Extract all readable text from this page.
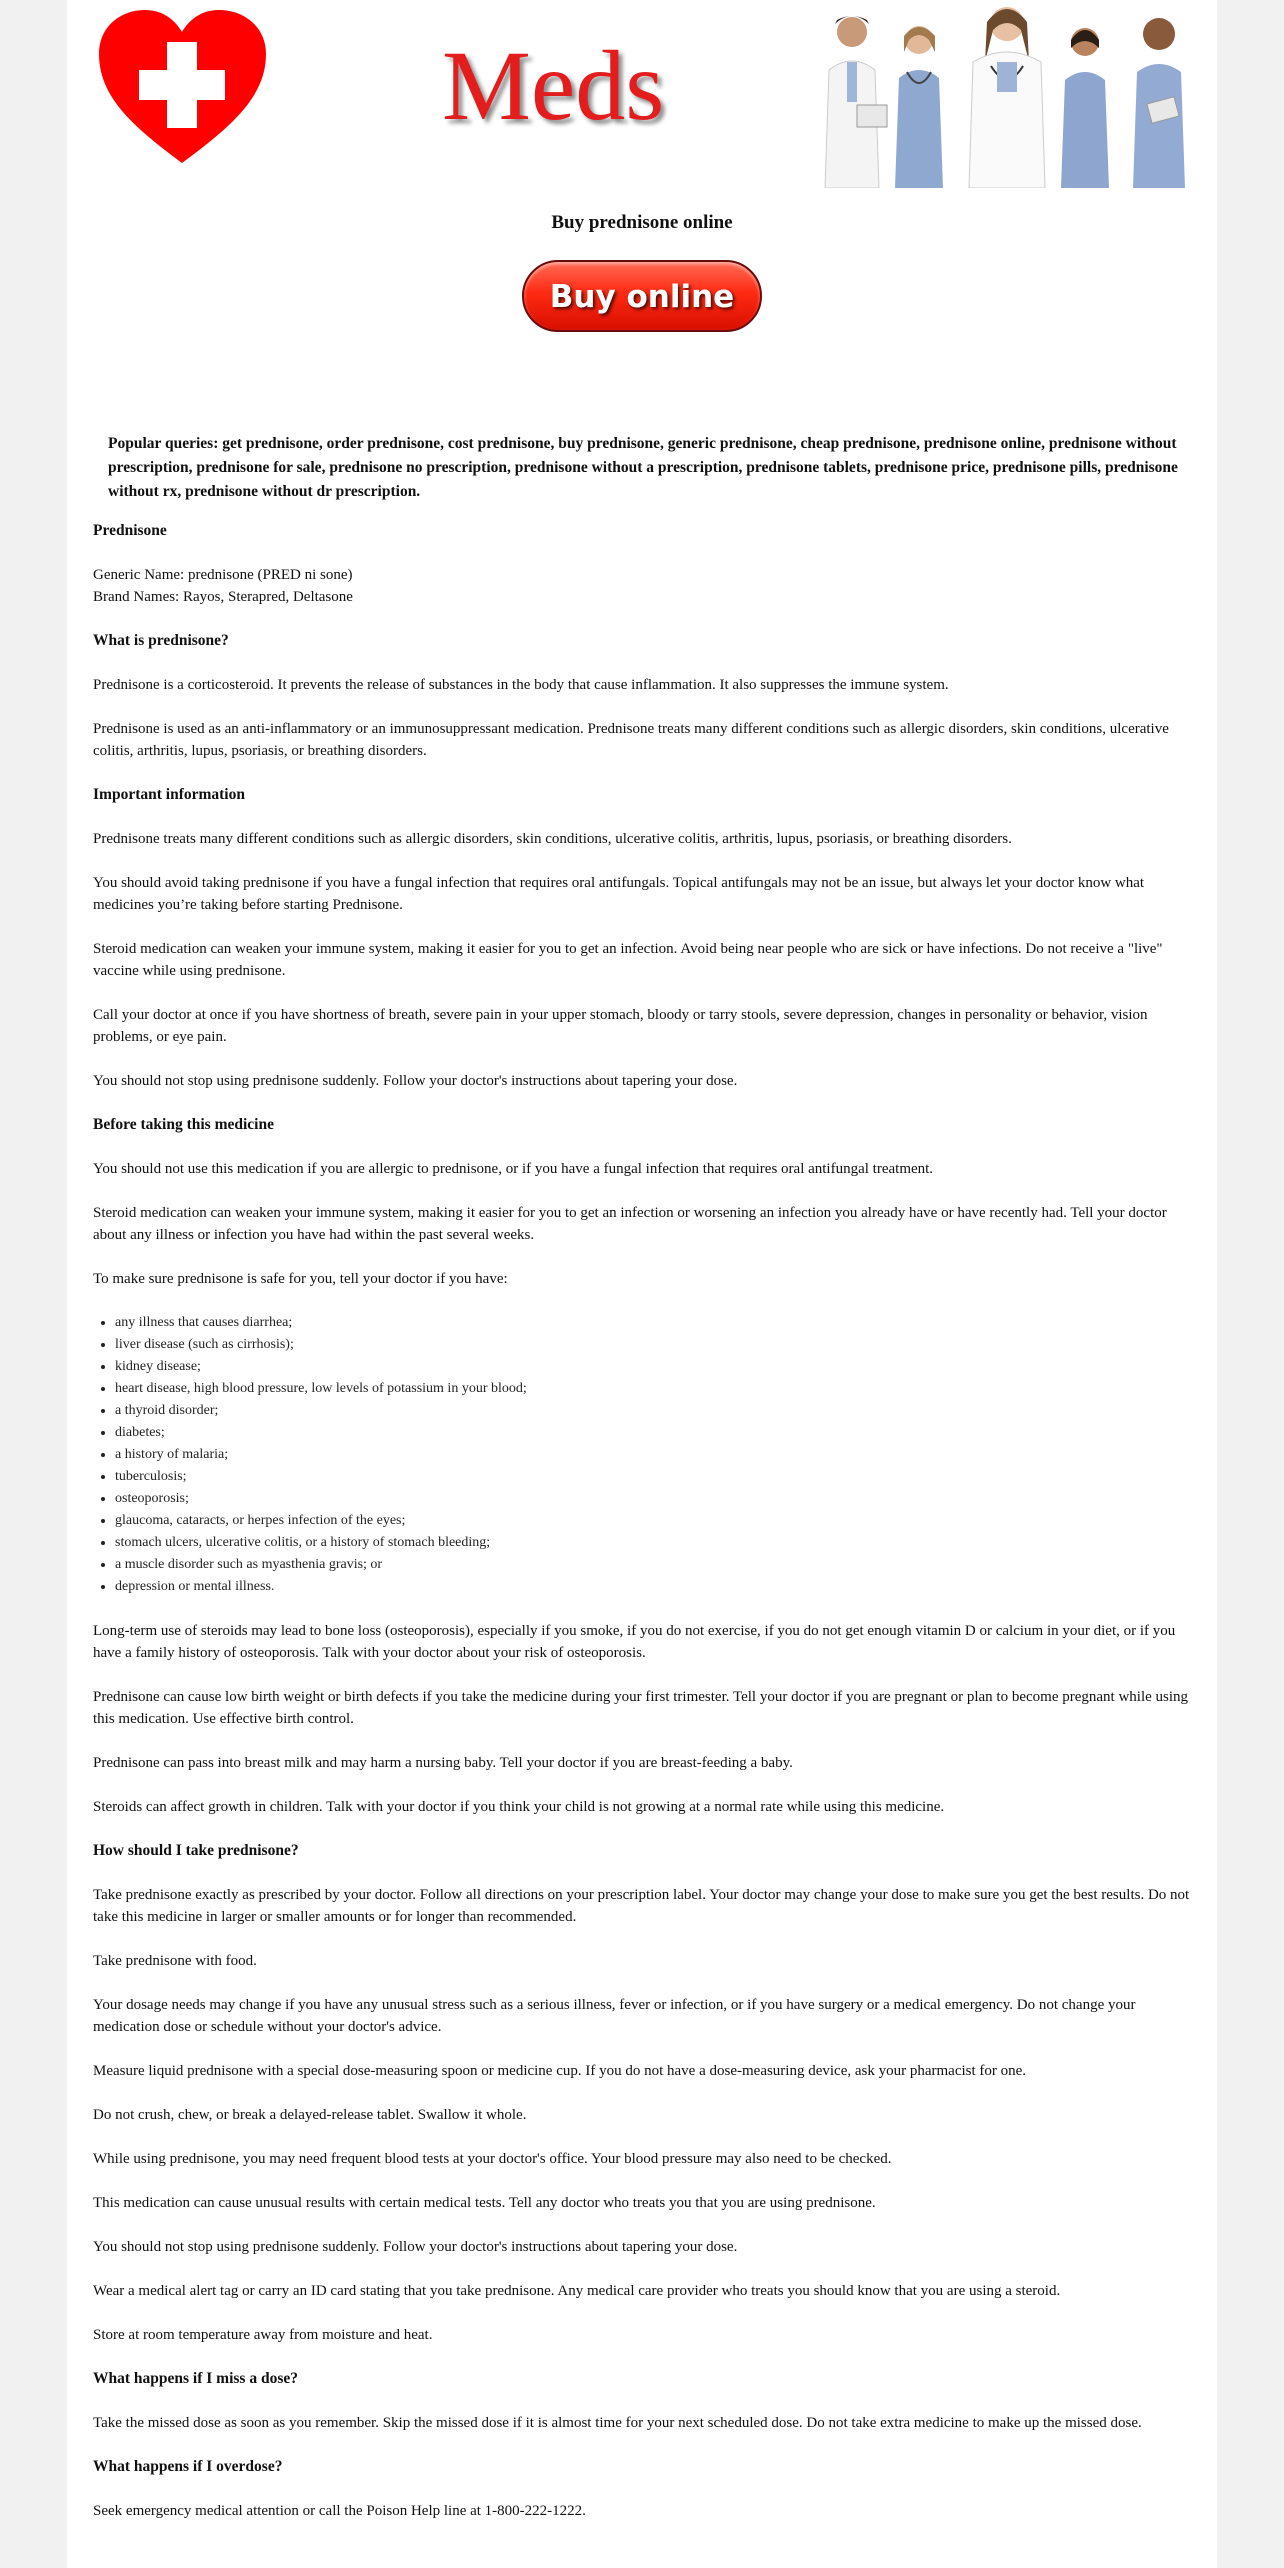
Meds
Buy prednisone online
Buy online
Popular queries: get prednisone, order prednisone, cost prednisone, buy prednisone, generic prednisone, cheap prednisone, prednisone online, prednisone without prescription, prednisone for sale, prednisone no prescription, prednisone without a prescription, prednisone tablets, prednisone price, prednisone pills, prednisone without rx, prednisone without dr prescription.
Prednisone

Generic Name: prednisone (PRED ni sone)
Brand Names: Rayos, Sterapred, Deltasone

What is prednisone?

Prednisone is a corticosteroid. It prevents the release of substances in the body that cause inflammation. It also suppresses the immune system.

Prednisone is used as an anti-inflammatory or an immunosuppressant medication. Prednisone treats many different conditions such as allergic disorders, skin conditions, ulcerative colitis, arthritis, lupus, psoriasis, or breathing disorders.

Important information

Prednisone treats many different conditions such as allergic disorders, skin conditions, ulcerative colitis, arthritis, lupus, psoriasis, or breathing disorders.

You should avoid taking prednisone if you have a fungal infection that requires oral antifungals. Topical antifungals may not be an issue, but always let your doctor know what medicines you’re taking before starting Prednisone.

Steroid medication can weaken your immune system, making it easier for you to get an infection. Avoid being near people who are sick or have infections. Do not receive a "live" vaccine while using prednisone.

Call your doctor at once if you have shortness of breath, severe pain in your upper stomach, bloody or tarry stools, severe depression, changes in personality or behavior, vision problems, or eye pain.

You should not stop using prednisone suddenly. Follow your doctor's instructions about tapering your dose.

Before taking this medicine

You should not use this medication if you are allergic to prednisone, or if you have a fungal infection that requires oral antifungal treatment.

Steroid medication can weaken your immune system, making it easier for you to get an infection or worsening an infection you already have or have recently had. Tell your doctor about any illness or infection you have had within the past several weeks.

To make sure prednisone is safe for you, tell your doctor if you have:

• any illness that causes diarrhea;
• liver disease (such as cirrhosis);
• kidney disease;
• heart disease, high blood pressure, low levels of potassium in your blood;
• a thyroid disorder;
• diabetes;
• a history of malaria;
• tuberculosis;
• osteoporosis;
• glaucoma, cataracts, or herpes infection of the eyes;
• stomach ulcers, ulcerative colitis, or a history of stomach bleeding;
• a muscle disorder such as myasthenia gravis; or
• depression or mental illness.

Long-term use of steroids may lead to bone loss (osteoporosis), especially if you smoke, if you do not exercise, if you do not get enough vitamin D or calcium in your diet, or if you have a family history of osteoporosis. Talk with your doctor about your risk of osteoporosis.

Prednisone can cause low birth weight or birth defects if you take the medicine during your first trimester. Tell your doctor if you are pregnant or plan to become pregnant while using this medication. Use effective birth control.

Prednisone can pass into breast milk and may harm a nursing baby. Tell your doctor if you are breast-feeding a baby.

Steroids can affect growth in children. Talk with your doctor if you think your child is not growing at a normal rate while using this medicine.

How should I take prednisone?

Take prednisone exactly as prescribed by your doctor. Follow all directions on your prescription label. Your doctor may change your dose to make sure you get the best results. Do not take this medicine in larger or smaller amounts or for longer than recommended.

Take prednisone with food.

Your dosage needs may change if you have any unusual stress such as a serious illness, fever or infection, or if you have surgery or a medical emergency. Do not change your medication dose or schedule without your doctor's advice.

Measure liquid prednisone with a special dose-measuring spoon or medicine cup. If you do not have a dose-measuring device, ask your pharmacist for one.

Do not crush, chew, or break a delayed-release tablet. Swallow it whole.

While using prednisone, you may need frequent blood tests at your doctor's office. Your blood pressure may also need to be checked.

This medication can cause unusual results with certain medical tests. Tell any doctor who treats you that you are using prednisone.

You should not stop using prednisone suddenly. Follow your doctor's instructions about tapering your dose.

Wear a medical alert tag or carry an ID card stating that you take prednisone. Any medical care provider who treats you should know that you are using a steroid.

Store at room temperature away from moisture and heat.

What happens if I miss a dose?

Take the missed dose as soon as you remember. Skip the missed dose if it is almost time for your next scheduled dose. Do not take extra medicine to make up the missed dose.

What happens if I overdose?

Seek emergency medical attention or call the Poison Help line at 1-800-222-1222.
